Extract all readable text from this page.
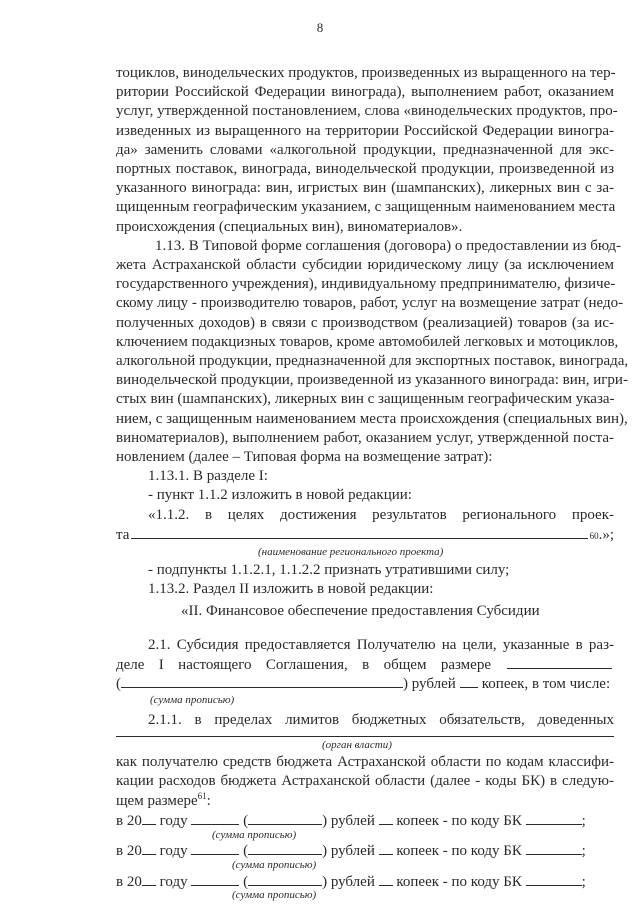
8
тоциклов, винодельческих продуктов, произведенных из выращенного на тер-
ритории Российской Федерации винограда), выполнением работ, оказанием
услуг, утвержденной постановлением, слова «винодельческих продуктов, про-
изведенных из выращенного на территории Российской Федерации виногра-
да» заменить словами «алкогольной продукции, предназначенной для экс-
портных поставок, винограда, винодельческой продукции, произведенной из
указанного винограда: вин, игристых вин (шампанских), ликерных вин с за-
щищенным географическим указанием, с защищенным наименованием места
происхождения (специальных вин), виноматериалов».
1.13. В Типовой форме соглашения (договора) о предоставлении из бюд-
жета Астраханской области субсидии юридическому лицу (за исключением
государственного учреждения), индивидуальному предпринимателю, физиче-
скому лицу - производителю товаров, работ, услуг на возмещение затрат (недо-
полученных доходов) в связи с производством (реализацией) товаров (за ис-
ключением подакцизных товаров, кроме автомобилей легковых и мотоциклов,
алкогольной продукции, предназначенной для экспортных поставок, винограда,
винодельческой продукции, произведенной из указанного винограда: вин, игри-
стых вин (шампанских), ликерных вин с защищенным географическим указа-
нием, с защищенным наименованием места происхождения (специальных вин),
виноматериалов), выполнением работ, оказанием услуг, утвержденной поста-
новлением (далее – Типовая форма на возмещение затрат):
1.13.1. В разделе I:
- пункт 1.1.2 изложить в новой редакции:
«1.1.2. в целях достижения результатов регионального проек-
та	60 .»;
(наименование регионального проекта)
- подпункты 1.1.2.1, 1.1.2.2 признать утратившими силу;
1.13.2. Раздел II изложить в новой редакции:
«II. Финансовое обеспечение предоставления Субсидии
2.1. Субсидия предоставляется Получателю на цели, указанные в раз-
деле I настоящего Соглашения, в общем размере
(	) рублей копеек, в том числе:
(сумма прописью)
2.1.1. в пределах лимитов бюджетных обязательств, доведенных
(орган власти)
как получателю средств бюджета Астраханской области по кодам классифи-
кации расходов бюджета Астраханской области (далее - коды БК) в следую-
щем размере$^{61}$:
в 20 году	(	) рублей копеек - по коду БК	;
(сумма прописью)
в 20 году	(	) рублей копеек - по коду БК	;
(сумма прописью)
в 20 году	(	) рублей копеек - по коду БК	;
(сумма прописью)
